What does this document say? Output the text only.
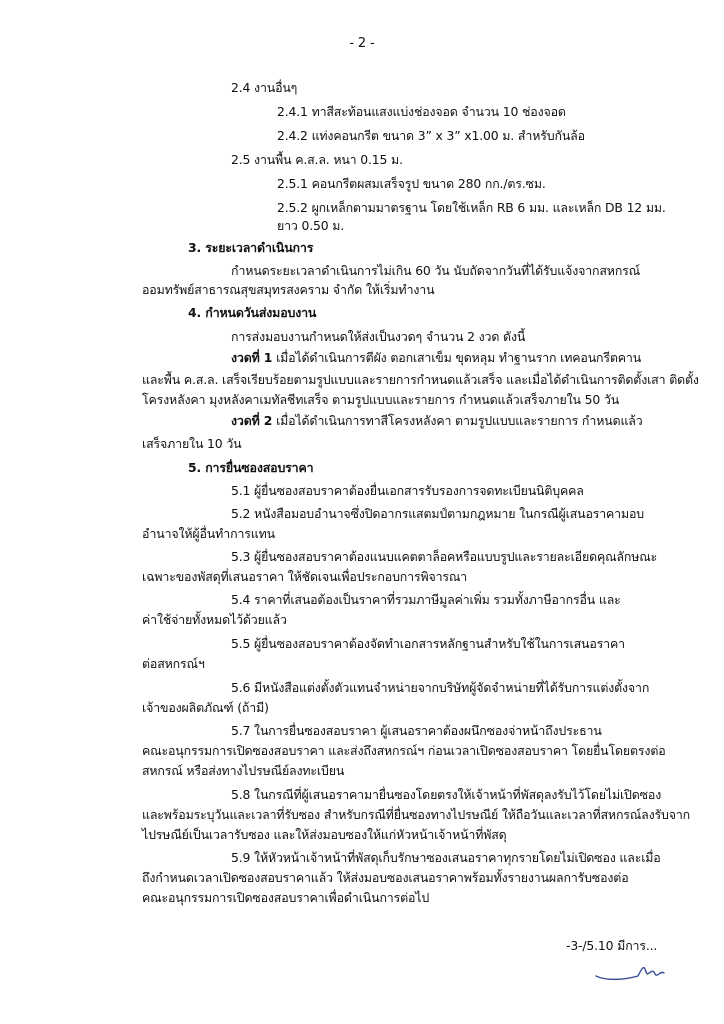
- 2 -
2.4 งานอื่นๆ
2.4.1 ทาสีสะท้อนแสงแบ่งช่องจอด จำนวน 10 ช่องจอด
2.4.2 แท่งคอนกรีต ขนาด 3” x 3” x1.00 ม. สำหรับกันล้อ
2.5 งานพื้น ค.ส.ล. หนา 0.15 ม.
2.5.1 คอนกรีตผสมเสร็จรูป ขนาด 280 กก./ตร.ซม.
2.5.2 ผูกเหล็กตามมาตรฐาน โดยใช้เหล็ก RB 6 มม. และเหล็ก DB 12 มม.
ยาว 0.50 ม.
3. ระยะเวลาดำเนินการ
กำหนดระยะเวลาดำเนินการไม่เกิน 60 วัน นับถัดจากวันที่ได้รับแจ้งจากสหกรณ์
ออมทรัพย์สาธารณสุขสมุทรสงคราม จำกัด ให้เริ่มทำงาน
4. กำหนดวันส่งมอบงาน
การส่งมอบงานกำหนดให้ส่งเป็นงวดๆ จำนวน 2 งวด ดังนี้
งวดที่ 1 เมื่อได้ดำเนินการตีผัง ตอกเสาเข็ม ขุดหลุม ทำฐานราก เทคอนกรีตคาน
และพื้น ค.ส.ล. เสร็จเรียบร้อยตามรูปแบบและรายการกำหนดแล้วเสร็จ และเมื่อได้ดำเนินการติดตั้งเสา ติดตั้ง
โครงหลังคา มุงหลังคาเมทัลชีทเสร็จ ตามรูปแบบและรายการ กำหนดแล้วเสร็จภายใน 50 วัน
งวดที่ 2 เมื่อได้ดำเนินการทาสีโครงหลังคา ตามรูปแบบและรายการ กำหนดแล้ว
เสร็จภายใน 10 วัน
5. การยื่นซองสอบราคา
5.1 ผู้ยื่นซองสอบราคาต้องยื่นเอกสารรับรองการจดทะเบียนนิติบุคคล
5.2 หนังสือมอบอำนาจซึ่งปิดอากรแสตมป์ตามกฎหมาย ในกรณีผู้เสนอราคามอบ
อำนาจให้ผู้อื่นทำการแทน
5.3 ผู้ยื่นซองสอบราคาต้องแนบแคตตาล็อคหรือแบบรูปและรายละเอียดคุณลักษณะ
เฉพาะของพัสดุที่เสนอราคา ให้ชัดเจนเพื่อประกอบการพิจารณา
5.4 ราคาที่เสนอต้องเป็นราคาที่รวมภาษีมูลค่าเพิ่ม รวมทั้งภาษีอากรอื่น และ
ค่าใช้จ่ายทั้งหมดไว้ด้วยแล้ว
5.5 ผู้ยื่นซองสอบราคาต้องจัดทำเอกสารหลักฐานสำหรับใช้ในการเสนอราคา
ต่อสหกรณ์ฯ
5.6 มีหนังสือแต่งตั้งตัวแทนจำหน่ายจากบริษัทผู้จัดจำหน่ายที่ได้รับการแต่งตั้งจาก
เจ้าของผลิตภัณฑ์ (ถ้ามี)
5.7 ในการยื่นซองสอบราคา ผู้เสนอราคาต้องผนึกซองจ่าหน้าถึงประธาน
คณะอนุกรรมการเปิดซองสอบราคา และส่งถึงสหกรณ์ฯ ก่อนเวลาเปิดซองสอบราคา โดยยื่นโดยตรงต่อ
สหกรณ์ หรือส่งทางไปรษณีย์ลงทะเบียน
5.8 ในกรณีที่ผู้เสนอราคามายื่นซองโดยตรงให้เจ้าหน้าที่พัสดุลงรับไว้โดยไม่เปิดซอง
และพร้อมระบุวันและเวลาที่รับซอง สำหรับกรณีที่ยื่นซองทางไปรษณีย์ ให้ถือวันและเวลาที่สหกรณ์ลงรับจาก
ไปรษณีย์เป็นเวลารับซอง และให้ส่งมอบซองให้แก่หัวหน้าเจ้าหน้าที่พัสดุ
5.9 ให้หัวหน้าเจ้าหน้าที่พัสดุเก็บรักษาซองเสนอราคาทุกรายโดยไม่เปิดซอง และเมื่อ
ถึงกำหนดเวลาเปิดซองสอบราคาแล้ว ให้ส่งมอบซองเสนอราคาพร้อมทั้งรายงานผลการับซองต่อ
คณะอนุกรรมการเปิดซองสอบราคาเพื่อดำเนินการต่อไป
-3-/5.10 มีการ...
